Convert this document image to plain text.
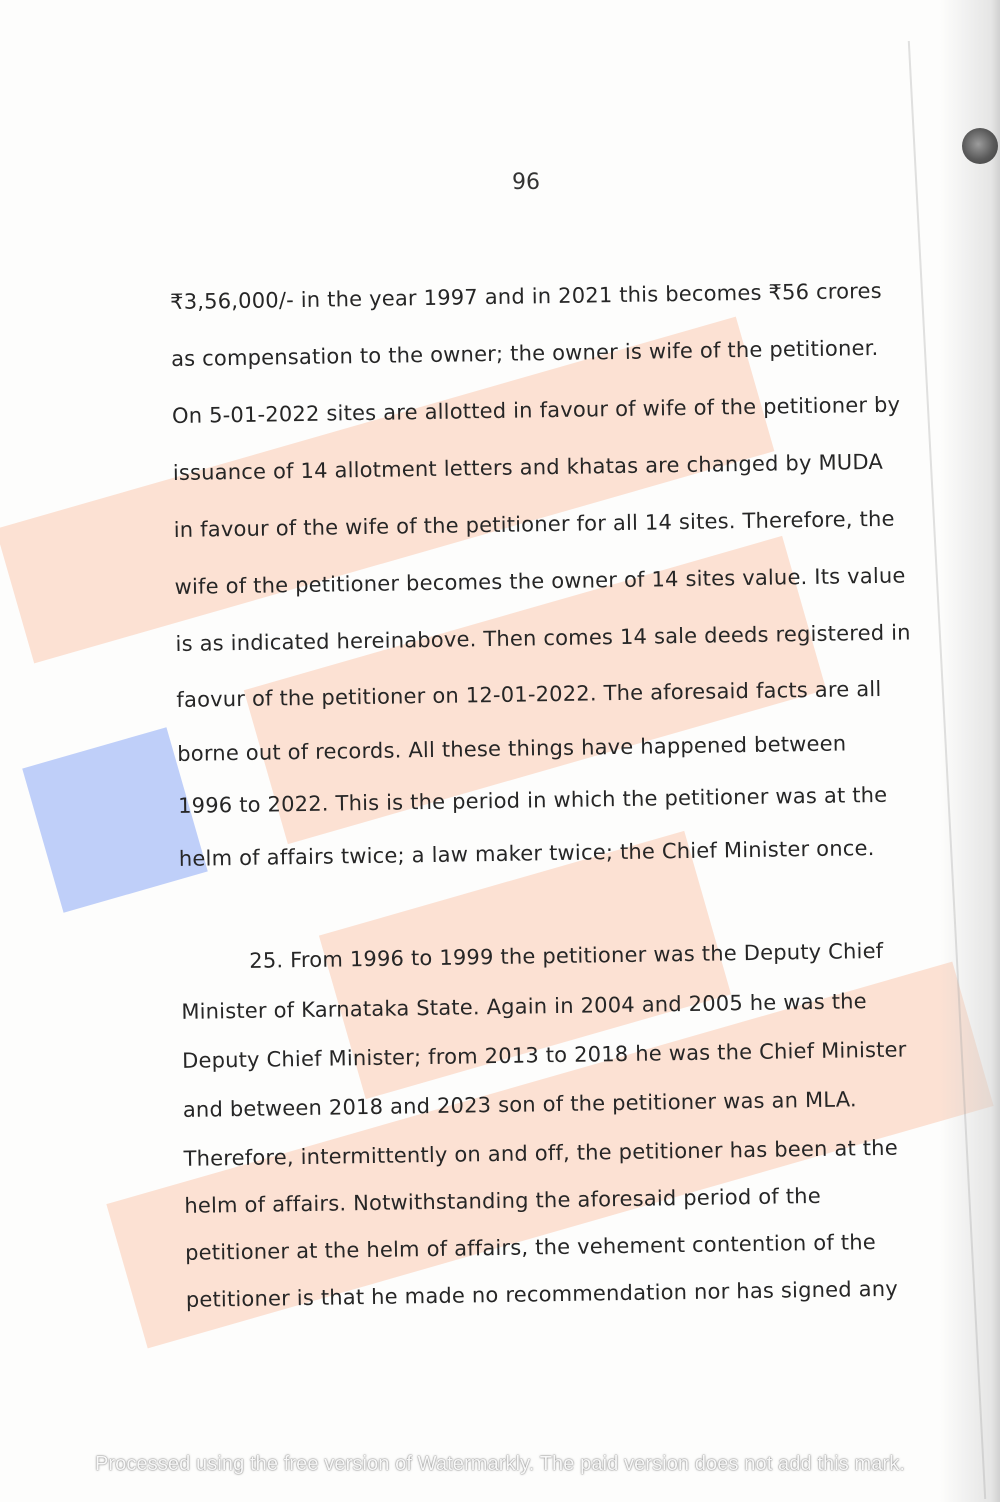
96
₹3,56,000/- in the year 1997 and in 2021 this becomes ₹56 crores
as compensation to the owner; the owner is wife of the petitioner.
On 5-01-2022 sites are allotted in favour of wife of the petitioner by
issuance of 14 allotment letters and khatas are changed by MUDA
in favour of the wife of the petitioner for all 14 sites. Therefore, the
wife of the petitioner becomes the owner of 14 sites value. Its value
is as indicated hereinabove. Then comes 14 sale deeds registered in
faovur of the petitioner on 12-01-2022. The aforesaid facts are all
borne out of records. All these things have happened between
1996 to 2022. This is the period in which the petitioner was at the
helm of affairs twice; a law maker twice; the Chief Minister once.
25. From 1996 to 1999 the petitioner was the Deputy Chief
Minister of Karnataka State. Again in 2004 and 2005 he was the
Deputy Chief Minister; from 2013 to 2018 he was the Chief Minister
and between 2018 and 2023 son of the petitioner was an MLA.
Therefore, intermittently on and off, the petitioner has been at the
helm of affairs. Notwithstanding the aforesaid period of the
petitioner at the helm of affairs, the vehement contention of the
petitioner is that he made no recommendation nor has signed any
Processed using the free version of Watermarkly. The paid version does not add this mark.
